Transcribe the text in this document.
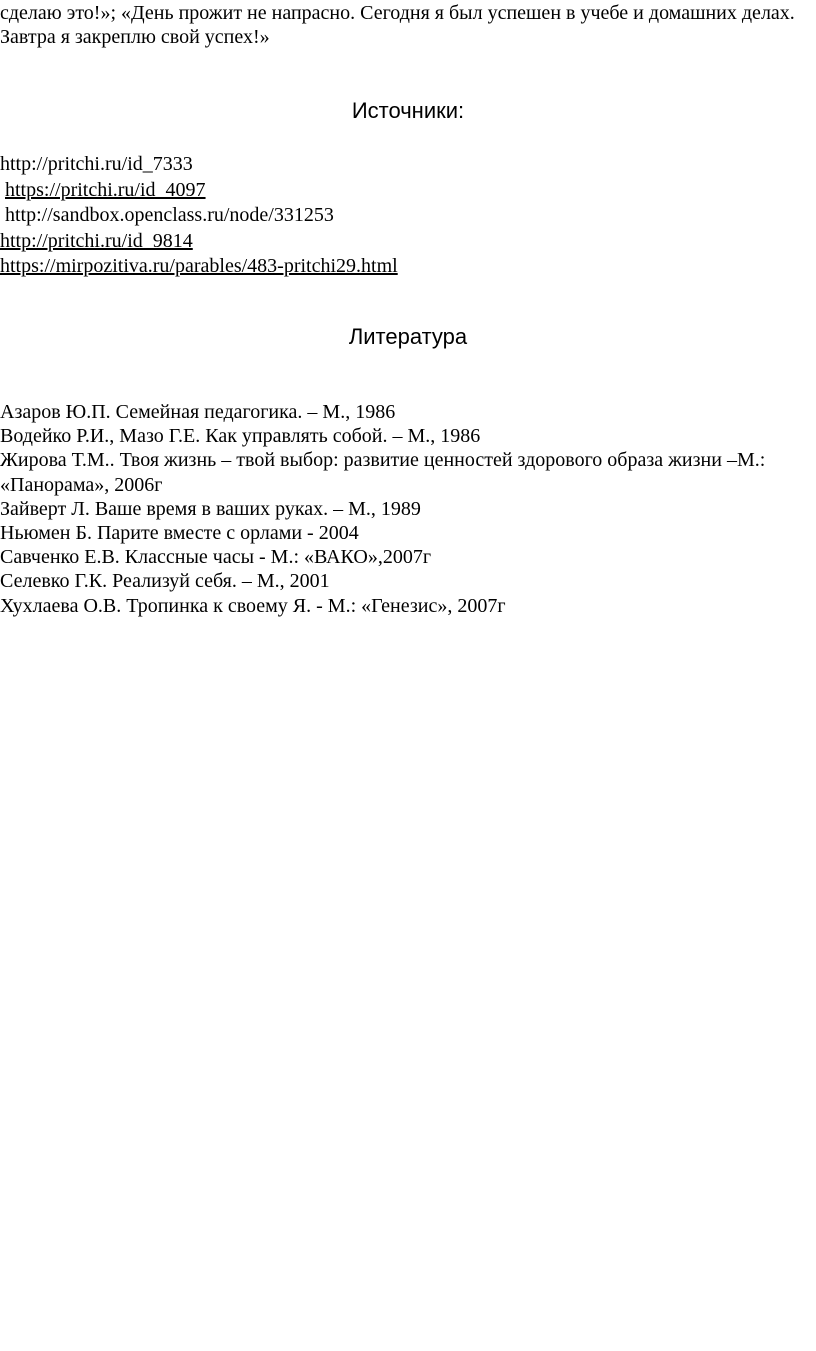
сделаю это!»; «День прожит не напрасно. Сегодня я был успешен в учебе и домашних делах. Завтра я закреплю свой успех!»

Источники:
http://pritchi.ru/id_7333
https://pritchi.ru/id_4097
http://sandbox.openclass.ru/node/331253
http://pritchi.ru/id_9814
https://mirpozitiva.ru/parables/483-pritchi29.html
Литература
Азаров Ю.П. Семейная педагогика. – М., 1986
Водейко Р.И., Мазо Г.Е. Как управлять собой. – М., 1986
Жирова Т.М.. Твоя жизнь – твой выбор: развитие ценностей здорового образа жизни –М.: «Панорама», 2006г
Зайверт Л. Ваше время в ваших руках. – М., 1989
Ньюмен Б. Парите вместе с орлами - 2004
Савченко Е.В. Классные часы - М.: «ВАКО»,2007г
Селевко Г.К. Реализуй себя. – М., 2001
Хухлаева О.В. Тропинка к своему Я. - М.: «Генезис», 2007г
